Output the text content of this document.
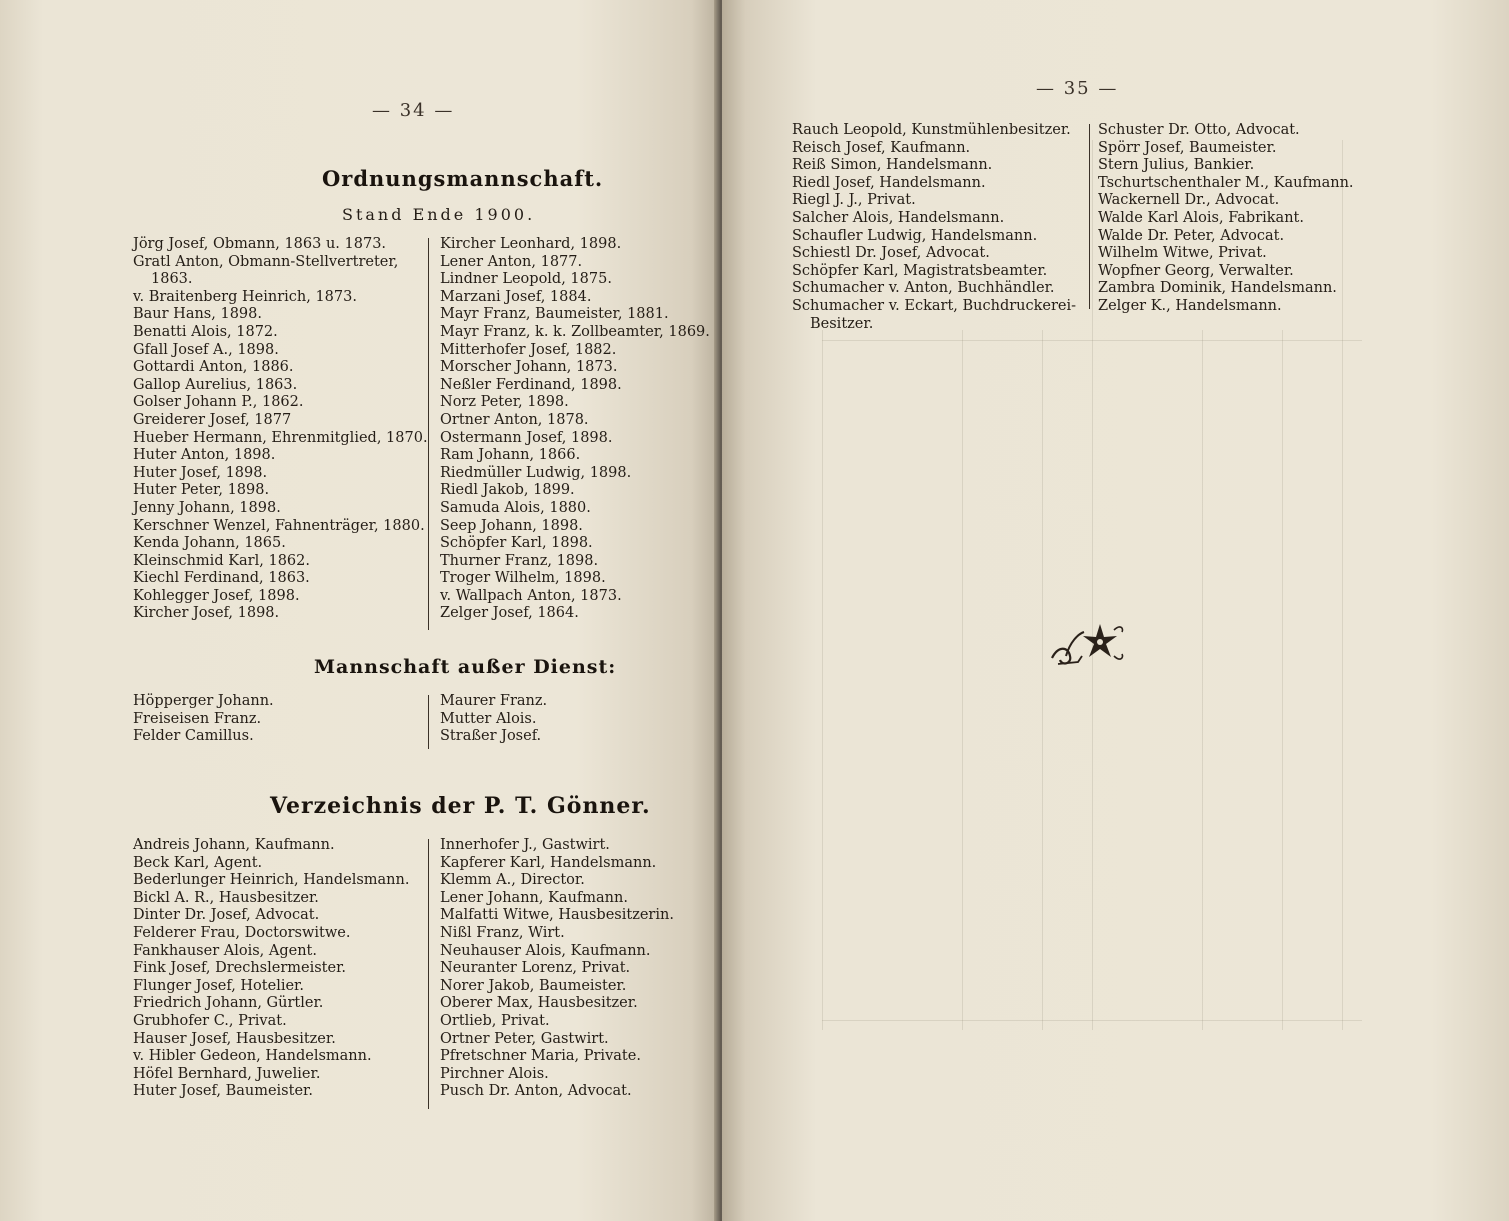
— 34 —
Ordnungsmannschaft.
Stand Ende 1900.
Jörg Josef, Obmann, 1863 u. 1873.
Gratl Anton, Obmann-Stellvertreter,
1863.
v. Braitenberg Heinrich, 1873.
Baur Hans, 1898.
Benatti Alois, 1872.
Gfall Josef A., 1898.
Gottardi Anton, 1886.
Gallop Aurelius, 1863.
Golser Johann P., 1862.
Greiderer Josef, 1877
Hueber Hermann, Ehrenmitglied, 1870.
Huter Anton, 1898.
Huter Josef, 1898.
Huter Peter, 1898.
Jenny Johann, 1898.
Kerschner Wenzel, Fahnenträger, 1880.
Kenda Johann, 1865.
Kleinschmid Karl, 1862.
Kiechl Ferdinand, 1863.
Kohlegger Josef, 1898.
Kircher Josef, 1898.
Kircher Leonhard, 1898.
Lener Anton, 1877.
Lindner Leopold, 1875.
Marzani Josef, 1884.
Mayr Franz, Baumeister, 1881.
Mayr Franz, k. k. Zollbeamter, 1869.
Mitterhofer Josef, 1882.
Morscher Johann, 1873.
Neßler Ferdinand, 1898.
Norz Peter, 1898.
Ortner Anton, 1878.
Ostermann Josef, 1898.
Ram Johann, 1866.
Riedmüller Ludwig, 1898.
Riedl Jakob, 1899.
Samuda Alois, 1880.
Seep Johann, 1898.
Schöpfer Karl, 1898.
Thurner Franz, 1898.
Troger Wilhelm, 1898.
v. Wallpach Anton, 1873.
Zelger Josef, 1864.
Mannschaft außer Dienst:
Höpperger Johann.
Freiseisen Franz.
Felder Camillus.
Maurer Franz.
Mutter Alois.
Straßer Josef.
Verzeichnis der P. T. Gönner.
Andreis Johann, Kaufmann.
Beck Karl, Agent.
Bederlunger Heinrich, Handelsmann.
Bickl A. R., Hausbesitzer.
Dinter Dr. Josef, Advocat.
Felderer Frau, Doctorswitwe.
Fankhauser Alois, Agent.
Fink Josef, Drechslermeister.
Flunger Josef, Hotelier.
Friedrich Johann, Gürtler.
Grubhofer C., Privat.
Hauser Josef, Hausbesitzer.
v. Hibler Gedeon, Handelsmann.
Höfel Bernhard, Juwelier.
Huter Josef, Baumeister.
Innerhofer J., Gastwirt.
Kapferer Karl, Handelsmann.
Klemm A., Director.
Lener Johann, Kaufmann.
Malfatti Witwe, Hausbesitzerin.
Nißl Franz, Wirt.
Neuhauser Alois, Kaufmann.
Neuranter Lorenz, Privat.
Norer Jakob, Baumeister.
Oberer Max, Hausbesitzer.
Ortlieb, Privat.
Ortner Peter, Gastwirt.
Pfretschner Maria, Private.
Pirchner Alois.
Pusch Dr. Anton, Advocat.
— 35 —
Rauch Leopold, Kunstmühlenbesitzer.
Reisch Josef, Kaufmann.
Reiß Simon, Handelsmann.
Riedl Josef, Handelsmann.
Riegl J. J., Privat.
Salcher Alois, Handelsmann.
Schaufler Ludwig, Handelsmann.
Schiestl Dr. Josef, Advocat.
Schöpfer Karl, Magistratsbeamter.
Schumacher v. Anton, Buchhändler.
Schumacher v. Eckart, Buchdruckerei-
Besitzer.
Schuster Dr. Otto, Advocat.
Spörr Josef, Baumeister.
Stern Julius, Bankier.
Tschurtschenthaler M., Kaufmann.
Wackernell Dr., Advocat.
Walde Karl Alois, Fabrikant.
Walde Dr. Peter, Advocat.
Wilhelm Witwe, Privat.
Wopfner Georg, Verwalter.
Zambra Dominik, Handelsmann.
Zelger K., Handelsmann.
